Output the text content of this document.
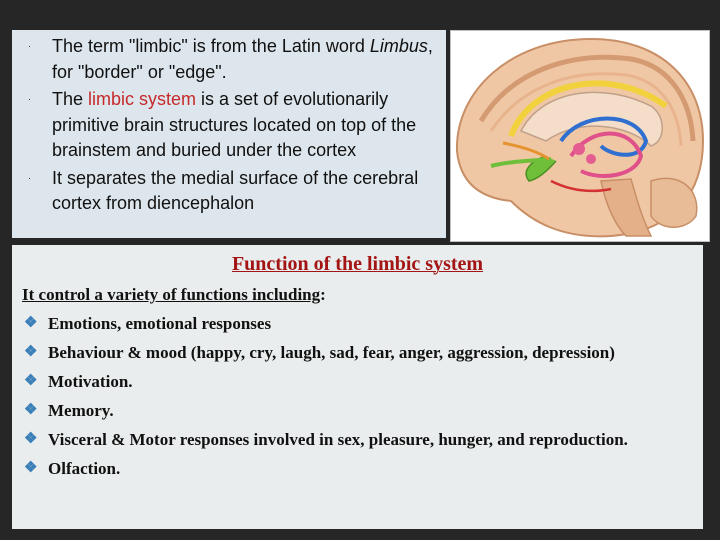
· The term "limbic" is from the Latin word Limbus, for "border" or "edge".
· The limbic system is a set of evolutionarily primitive brain structures located on top of the brainstem and buried under the cortex
· It separates the medial surface of the cerebral cortex from diencephalon
Function of the limbic system
It control a variety of functions including:
❖ Emotions, emotional responses
❖ Behaviour & mood (happy, cry, laugh, sad, fear, anger, aggression, depression)
❖ Motivation.
❖ Memory.
❖ Visceral & Motor responses involved in sex, pleasure, hunger, and reproduction.
❖ Olfaction.
